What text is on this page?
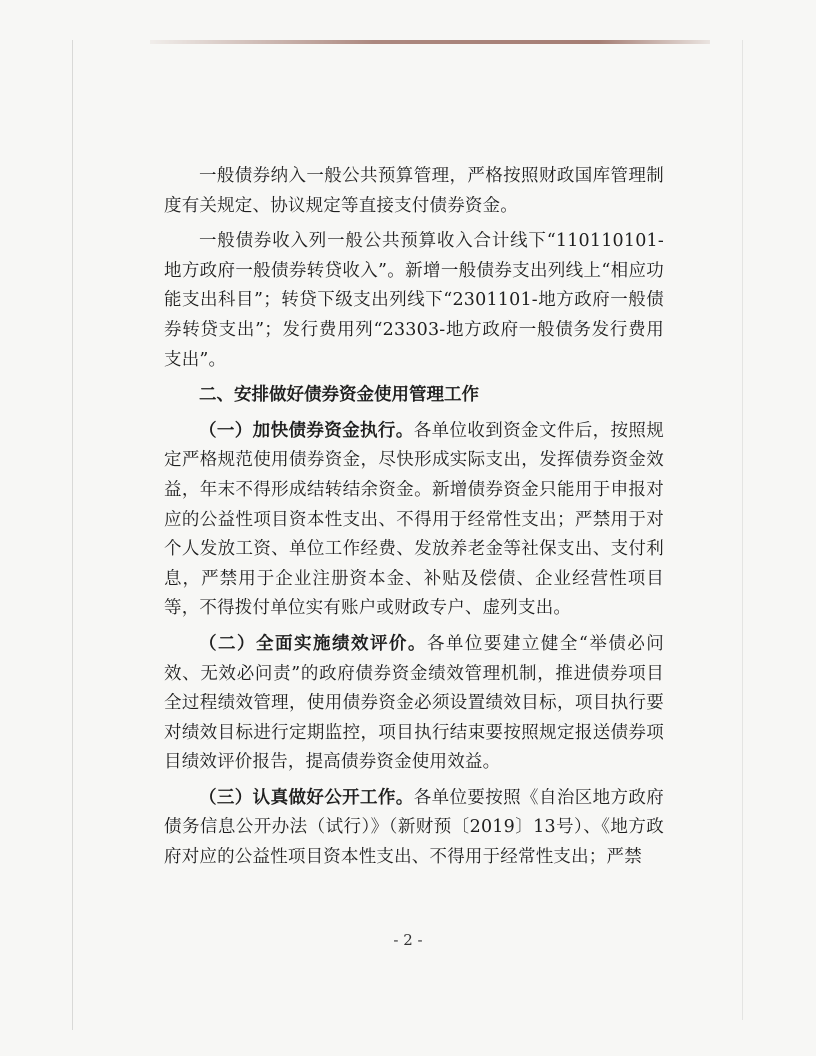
一般债券纳入一般公共预算管理，严格按照财政国库管理制度有关规定、协议规定等直接支付债券资金。

一般债券收入列一般公共预算收入合计线下“110110101-地方政府一般债券转贷收入”。新增一般债券支出列线上“相应功能支出科目”；转贷下级支出列线下“2301101-地方政府一般债券转贷支出”；发行费用列“23303-地方政府一般债务发行费用支出”。

二、安排做好债券资金使用管理工作

（一）加快债券资金执行。各单位收到资金文件后，按照规定严格规范使用债券资金，尽快形成实际支出，发挥债券资金效益，年末不得形成结转结余资金。新增债券资金只能用于申报对应的公益性项目资本性支出、不得用于经常性支出；严禁用于对个人发放工资、单位工作经费、发放养老金等社保支出、支付利息，严禁用于企业注册资本金、补贴及偿债、企业经营性项目等，不得拨付单位实有账户或财政专户、虚列支出。

（二）全面实施绩效评价。各单位要建立健全“举债必问效、无效必问责”的政府债券资金绩效管理机制，推进债券项目全过程绩效管理，使用债券资金必须设置绩效目标，项目执行要对绩效目标进行定期监控，项目执行结束要按照规定报送债券项目绩效评价报告，提高债券资金使用效益。

（三）认真做好公开工作。各单位要按照《自治区地方政府债务信息公开办法（试行）》（新财预〔2019〕13号）、《地方政府对应的公益性项目资本性支出、不得用于经常性支出；严禁

- 2 -
